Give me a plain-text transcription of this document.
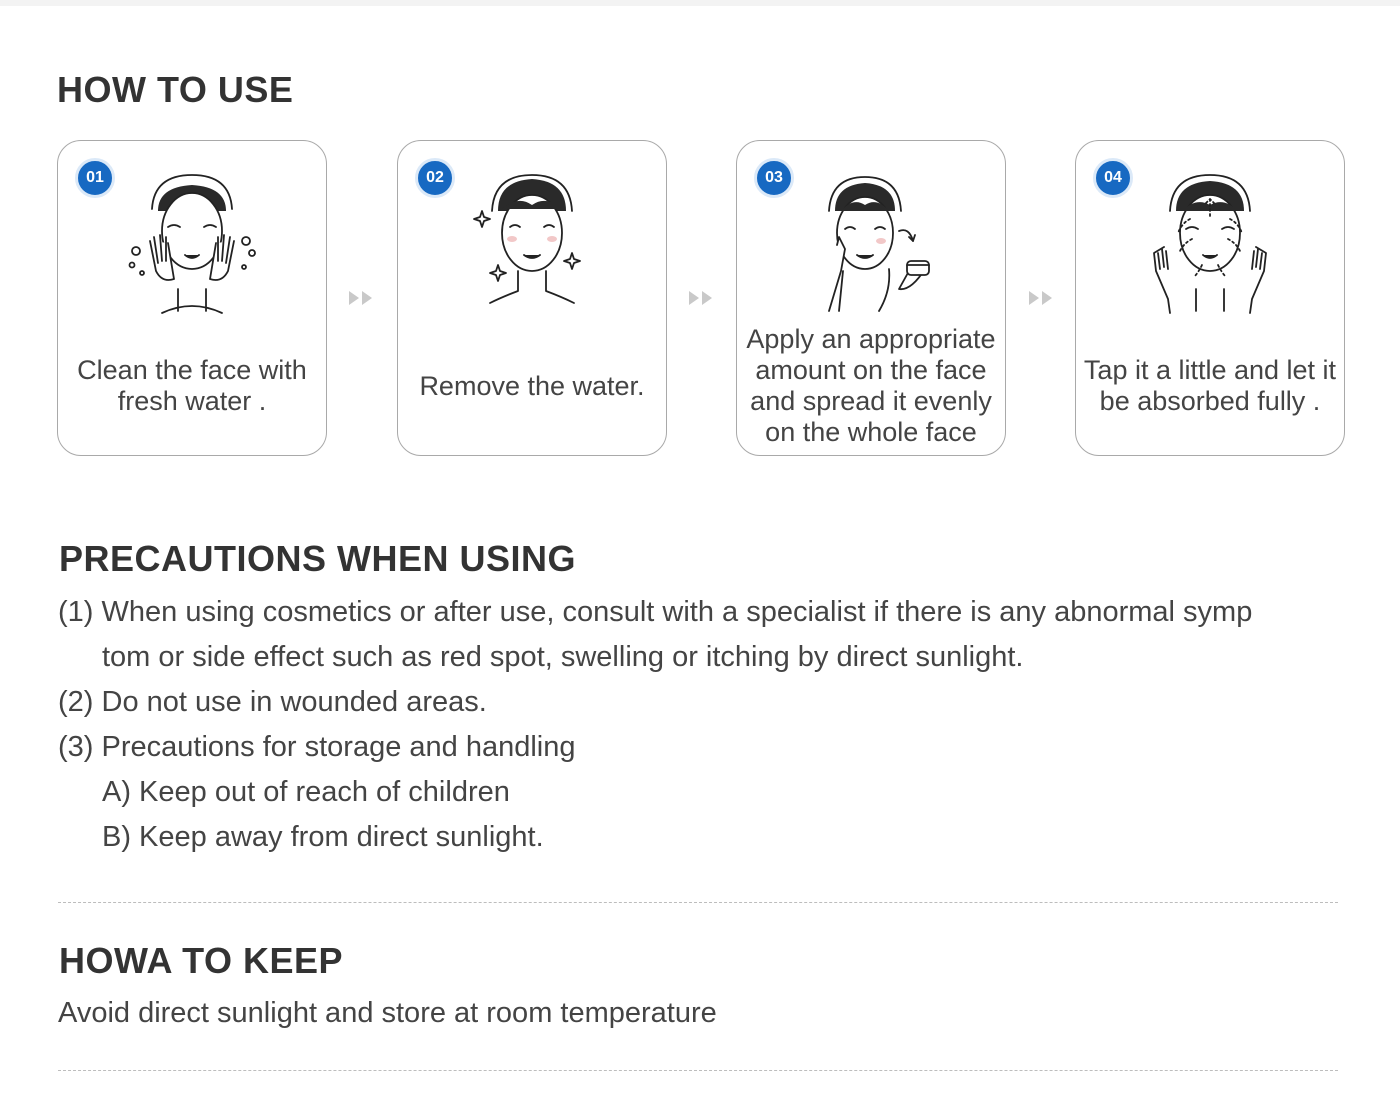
HOW TO USE
01
Clean the face with fresh water .
02
Remove the water.
03
Apply an appropriate amount on the face and spread it evenly on the whole face
04
Tap it a little and let it be absorbed fully .
PRECAUTIONS WHEN USING
(1) When using cosmetics or after use, consult with a specialist if there is any abnormal symp
tom or side effect such as red spot, swelling or itching by direct sunlight.
(2) Do not use in wounded areas.
(3) Precautions for storage and handling
A) Keep out of reach of children
B) Keep away from direct sunlight.
HOWA TO KEEP
Avoid direct sunlight and store at room temperature
